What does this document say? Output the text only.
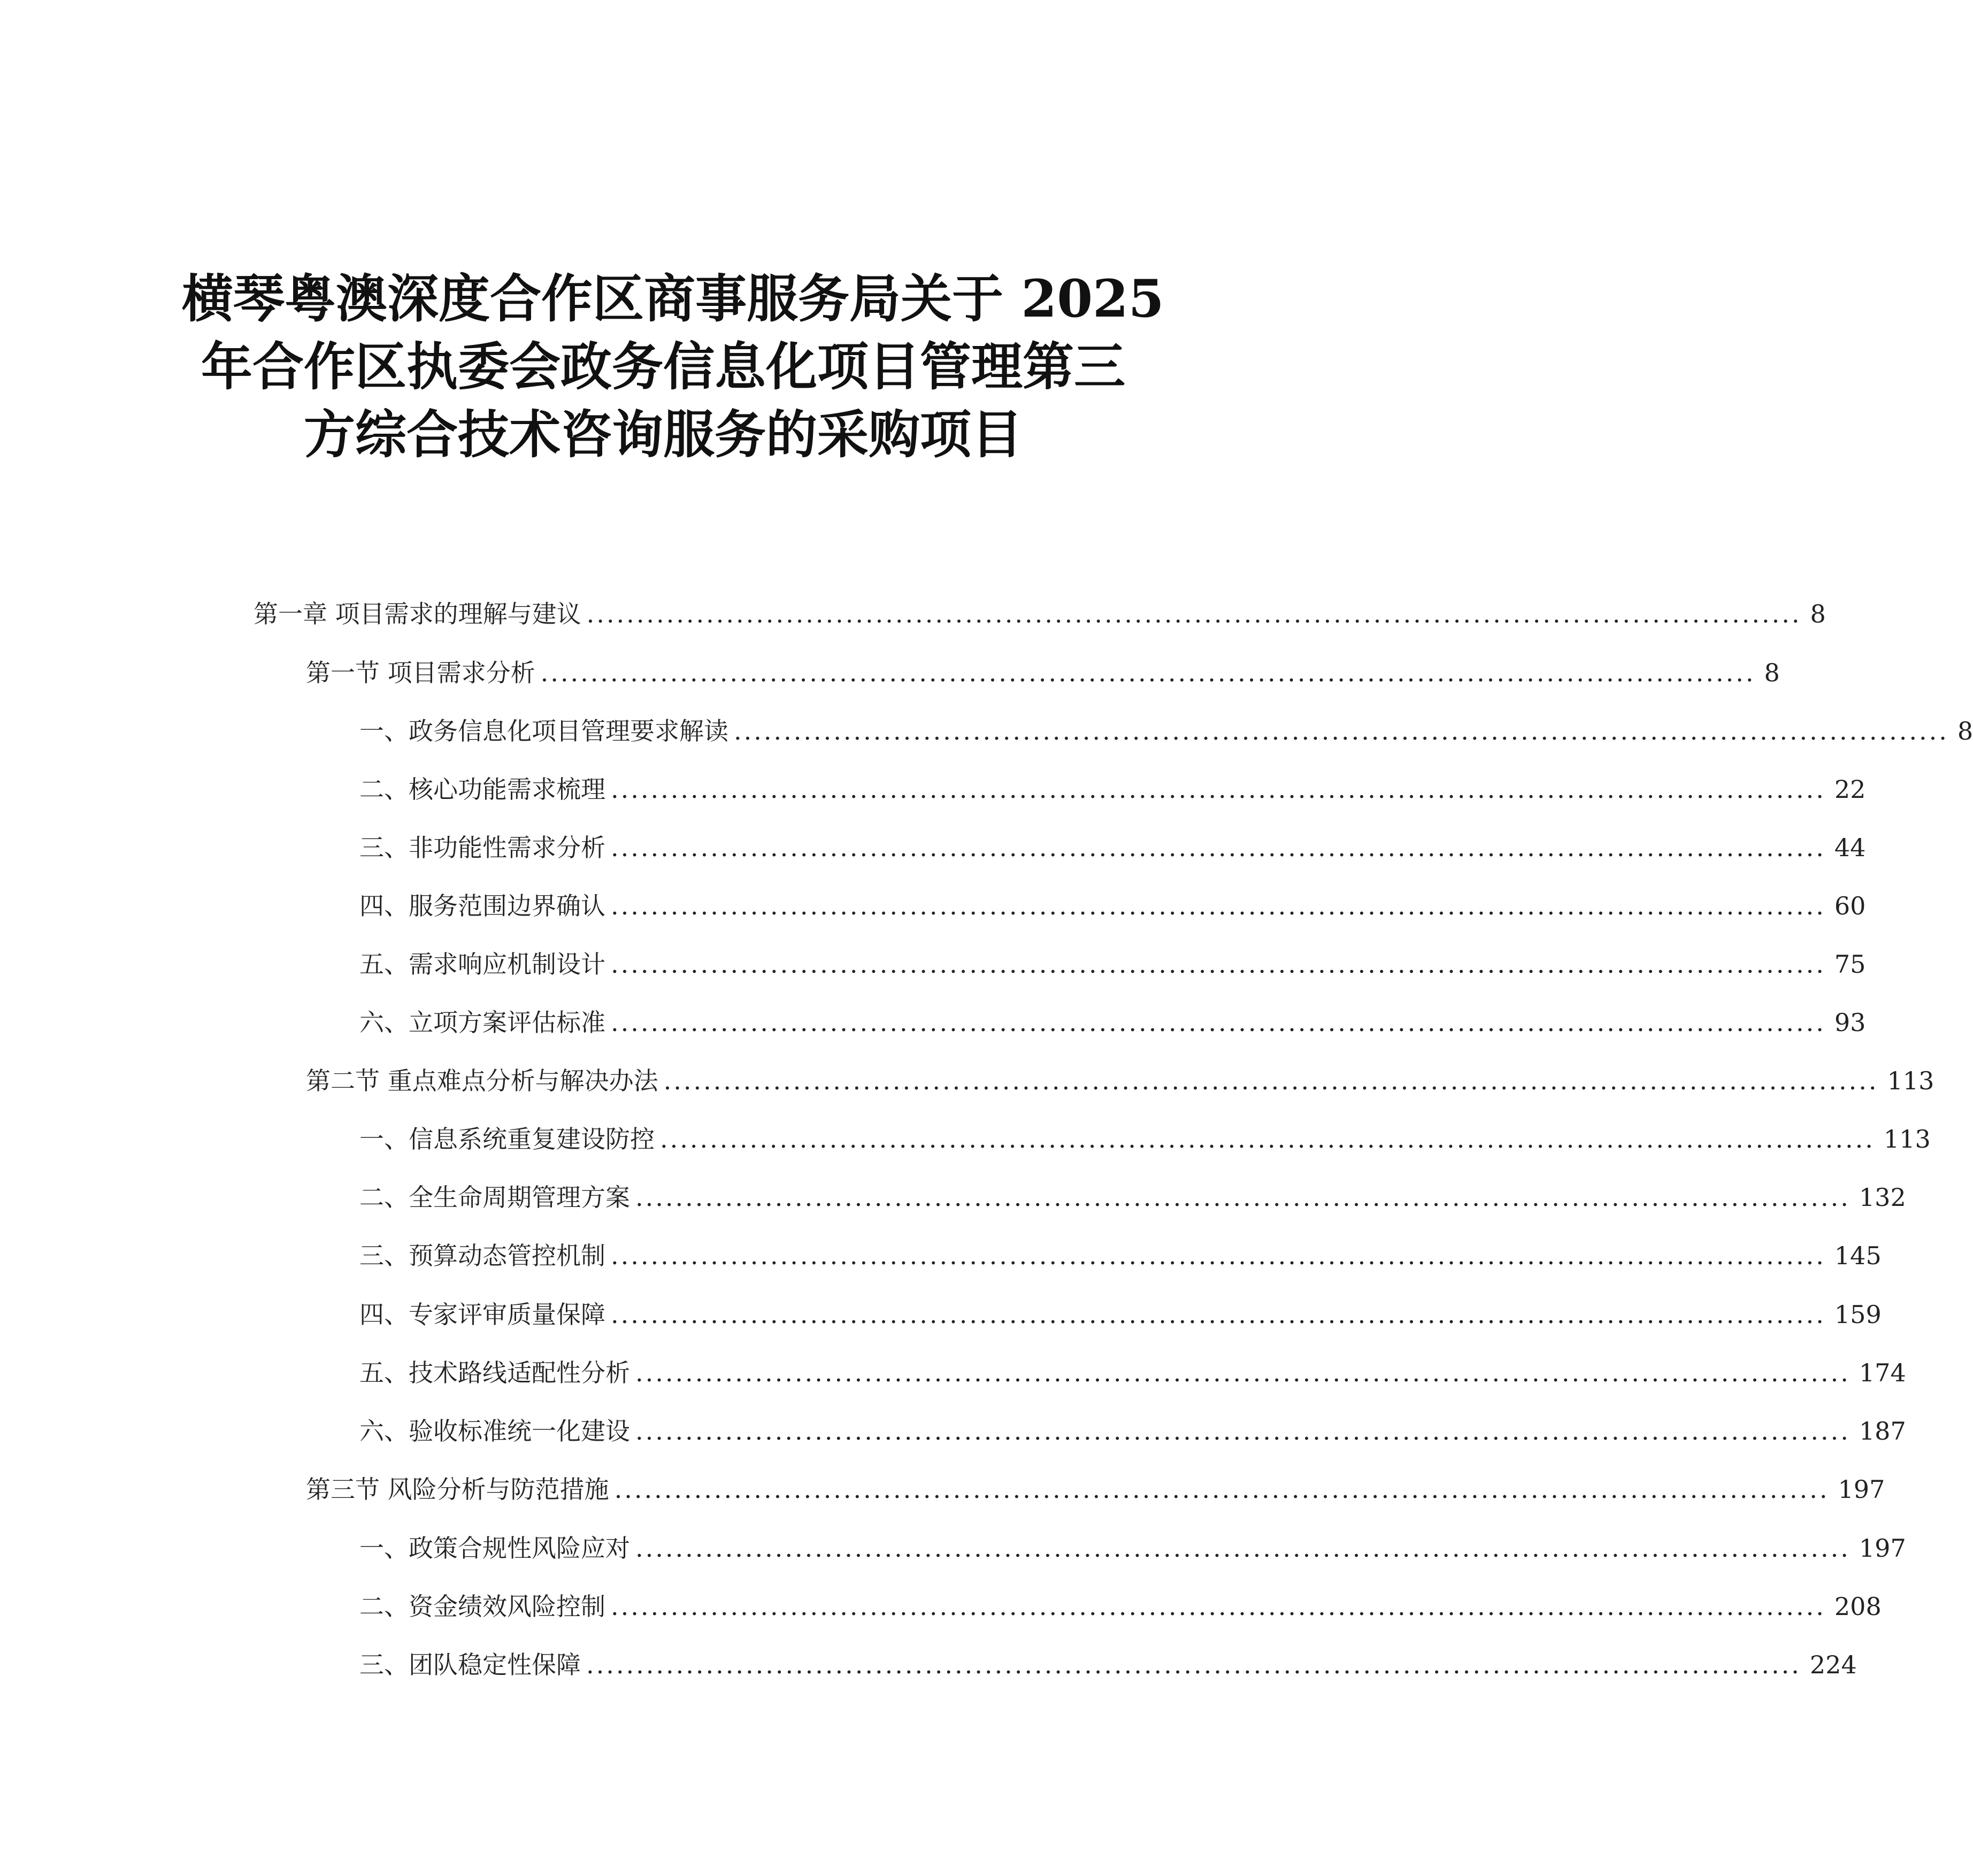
横琴粤澳深度合作区商事服务局关于 2025
年合作区执委会政务信息化项目管理第三
方综合技术咨询服务的采购项目
第一章 项目需求的理解与建议 .......................................................................................................................... 8
第一节 项目需求分析 .......................................................................................................................... 8
一、 政务信息化项目管理要求解读 .......................................................................................................................... 8
二、 核心功能需求梳理 .......................................................................................................................... 22
三、 非功能性需求分析 .......................................................................................................................... 44
四、 服务范围边界确认 .......................................................................................................................... 60
五、 需求响应机制设计 .......................................................................................................................... 75
六、 立项方案评估标准 .......................................................................................................................... 93
第二节 重点难点分析与解决办法 .......................................................................................................................... 113
一、 信息系统重复建设防控 .......................................................................................................................... 113
二、 全生命周期管理方案 .......................................................................................................................... 132
三、 预算动态管控机制 .......................................................................................................................... 145
四、 专家评审质量保障 .......................................................................................................................... 159
五、 技术路线适配性分析 .......................................................................................................................... 174
六、 验收标准统一化建设 .......................................................................................................................... 187
第三节 风险分析与防范措施 .......................................................................................................................... 197
一、 政策合规性风险应对 .......................................................................................................................... 197
二、 资金绩效风险控制 .......................................................................................................................... 208
三、 团队稳定性保障 .......................................................................................................................... 224
